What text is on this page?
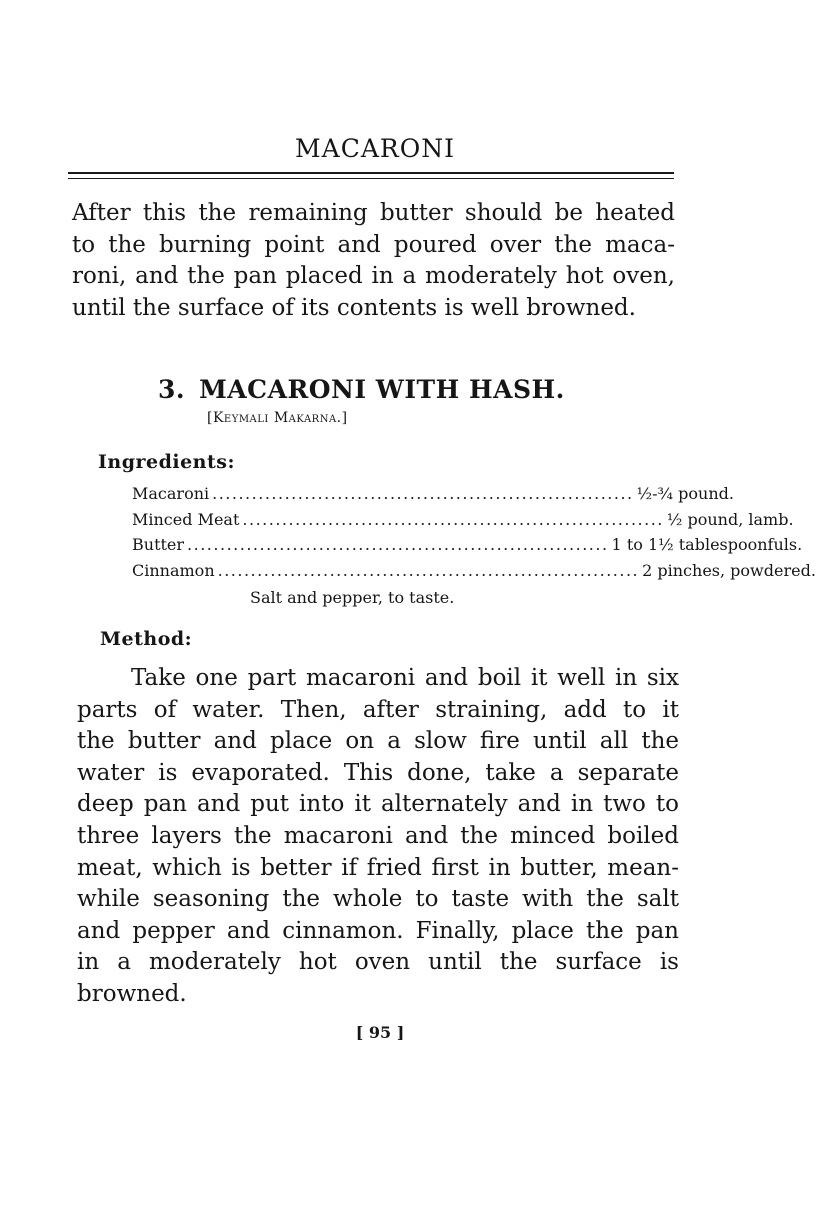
MACARONI
After this the remaining butter should be heated
to the burning point and poured over the maca-
roni, and the pan placed in a moderately hot oven,
until the surface of its contents is well browned.
3. MACARONI WITH HASH.
[Keymali Makarna.]
Ingredients:
Macaroni ................................................................ ½-¾ pound.
Minced Meat ................................................................ ½ pound, lamb.
Butter ................................................................ 1 to 1½ tablespoonfuls.
Cinnamon ................................................................ 2 pinches, powdered.
Salt and pepper, to taste.
Method:
Take one part macaroni and boil it well in six
parts of water. Then, after straining, add to it
the butter and place on a slow fire until all the
water is evaporated. This done, take a separate
deep pan and put into it alternately and in two to
three layers the macaroni and the minced boiled
meat, which is better if fried first in butter, mean-
while seasoning the whole to taste with the salt
and pepper and cinnamon. Finally, place the pan
in a moderately hot oven until the surface is
browned.
[ 95 ]
